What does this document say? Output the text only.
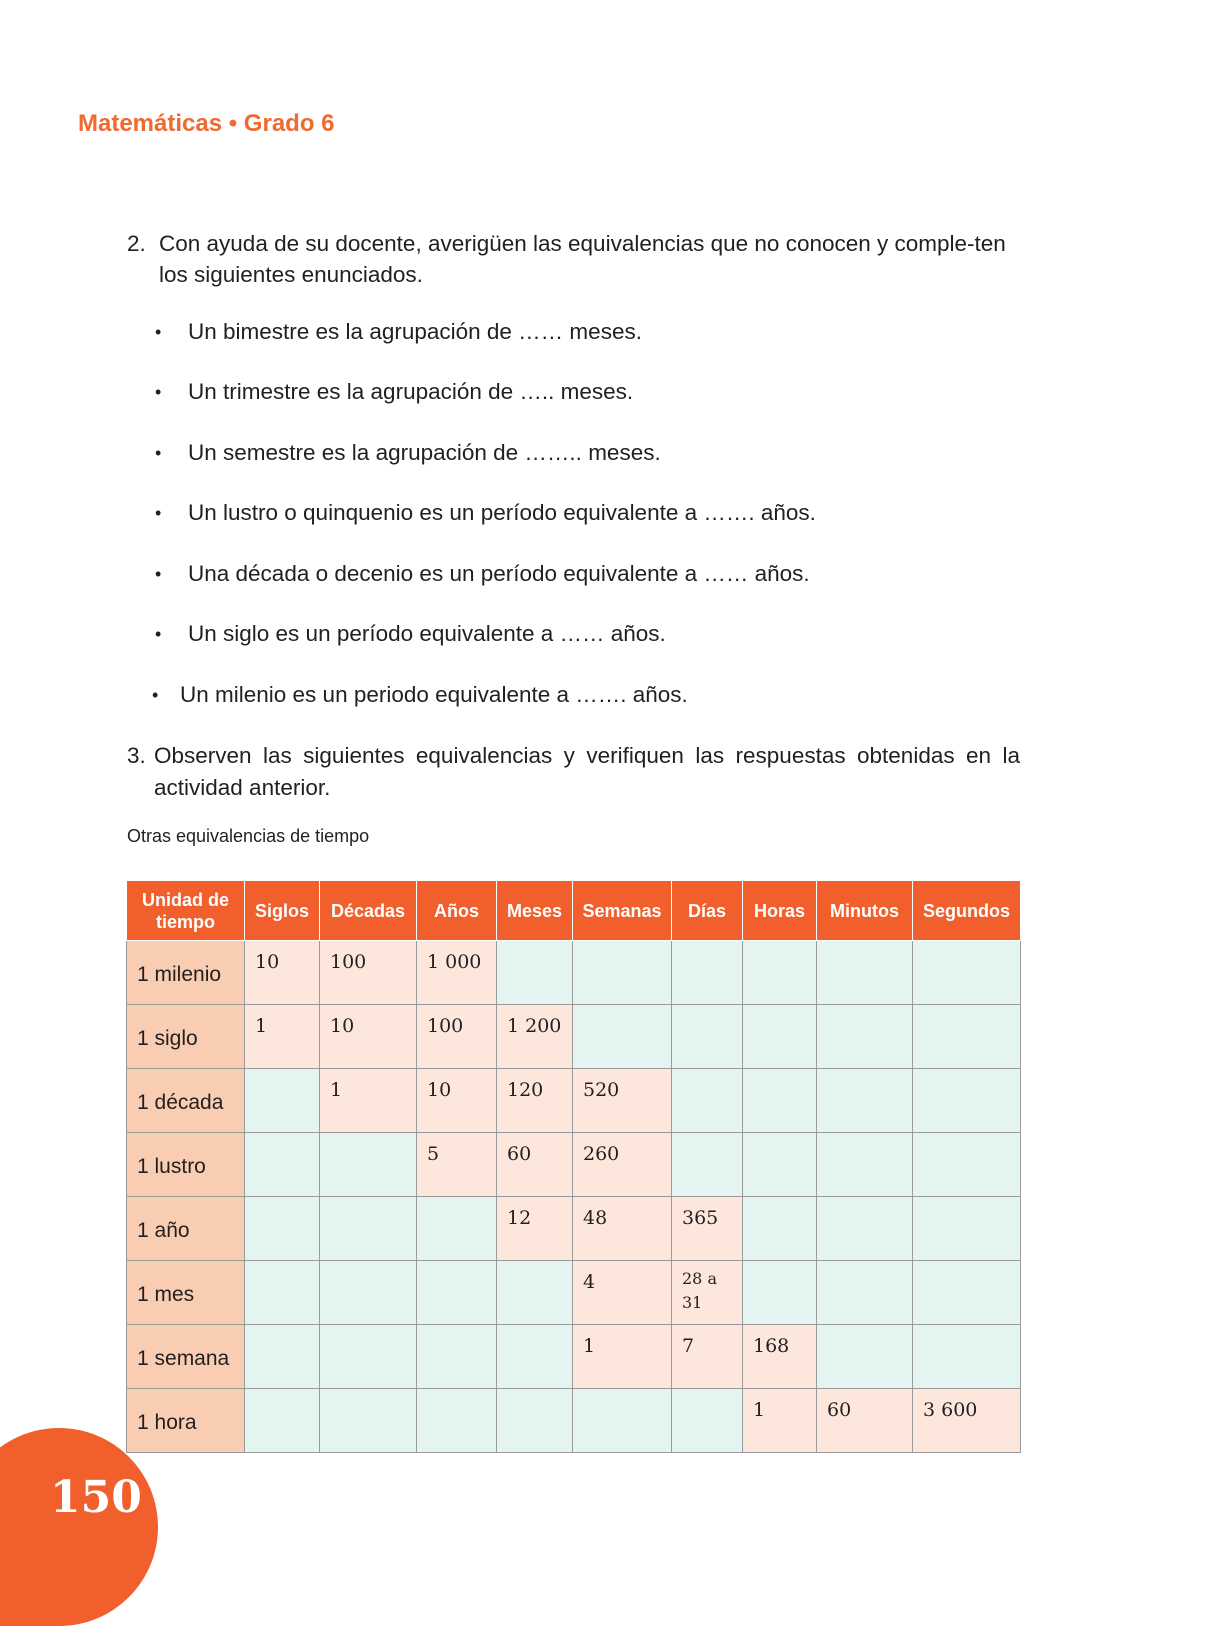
Matemáticas • Grado 6
2. Con ayuda de su docente, averigüen las equivalencias que no conocen y comple-ten los siguientes enunciados.
• Un bimestre es la agrupación de …… meses.
• Un trimestre es la agrupación de ….. meses.
• Un semestre es la agrupación de …….. meses.
• Un lustro o quinquenio es un período equivalente a ……. años.
• Una década o decenio es un período equivalente a …… años.
• Un siglo es un período equivalente a …… años.
• Un milenio es un periodo equivalente a ……. años.
3. Observen las siguientes equivalencias y verifiquen las respuestas obtenidas en la actividad anterior.
Otras equivalencias de tiempo
Unidad de tiempo	Siglos	Décadas	Años	Meses	Semanas	Días	Horas	Minutos	Segundos
1 milenio	10	100	1 000						

1 siglo	1	10	100	1 200					

1 década		1	10	120	520				

1 lustro			5	60	260				

1 año				12	48	365			

1 mes					4	28 a 31			

1 semana					1	7	168		

1 hora							1	60	3 600
150
